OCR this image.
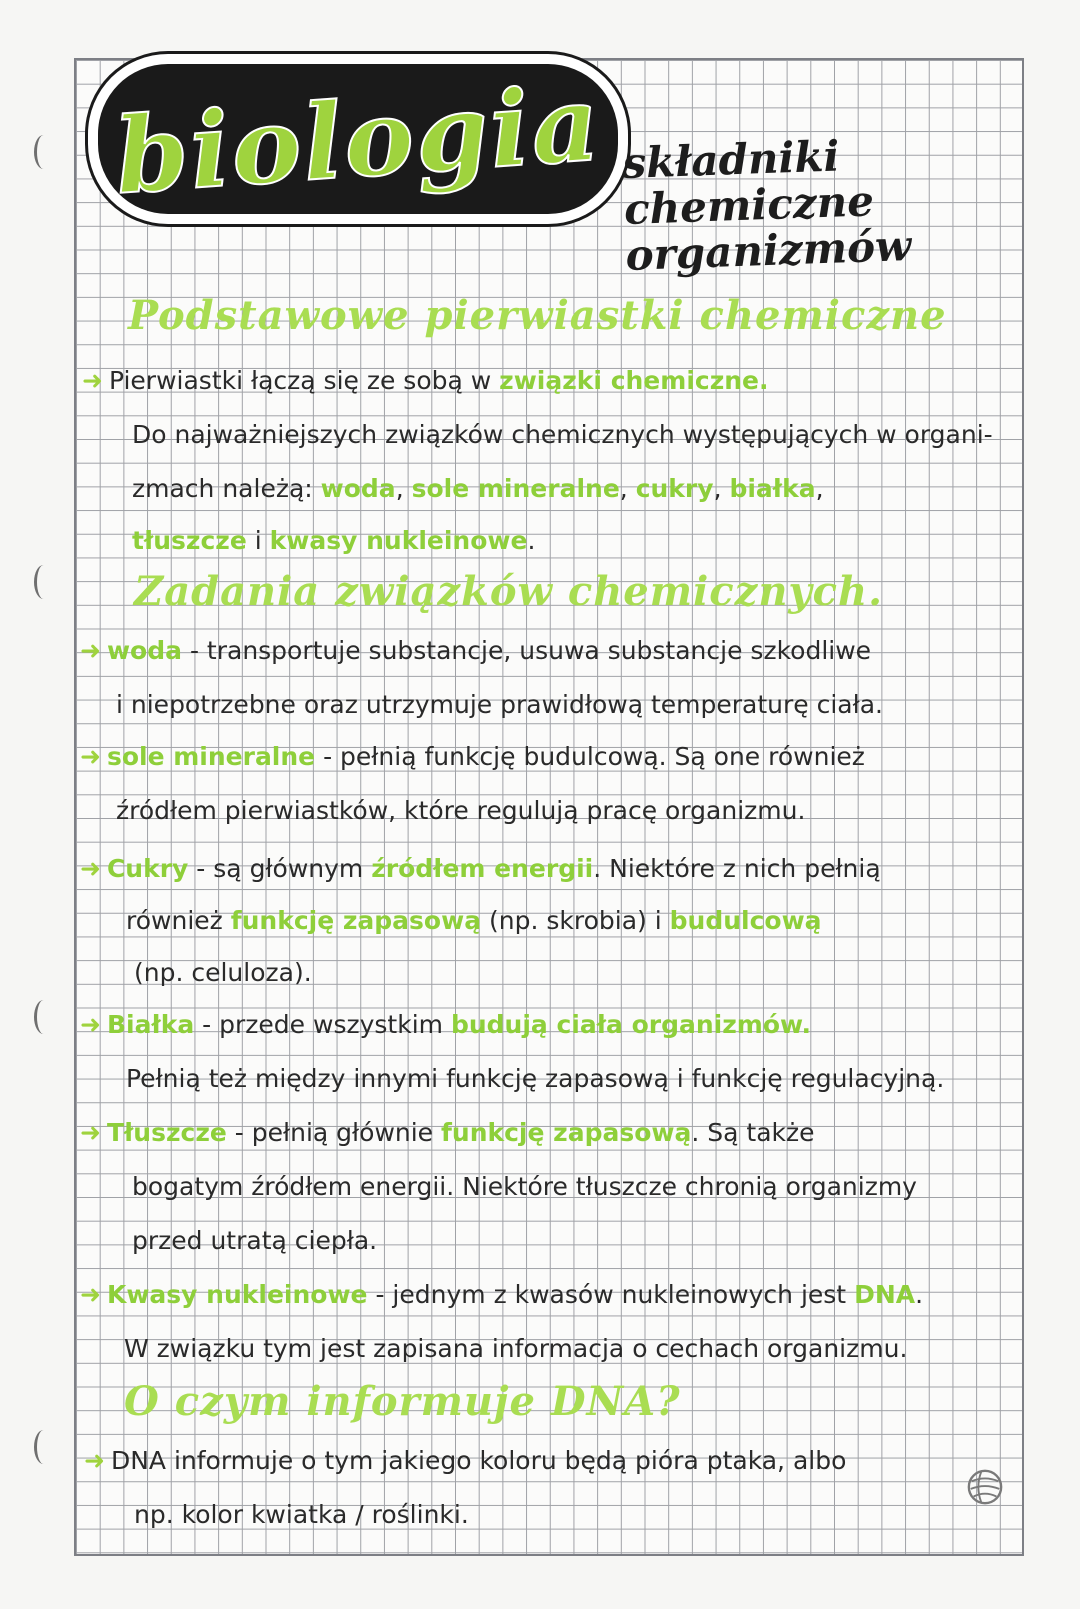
biologia składniki
chemiczne
organizmów
Podstawowe pierwiastki chemiczne
➜ Pierwiastki łączą się ze sobą w związki chemiczne.
Do najważniejszych związków chemicznych występujących w organi-
zmach należą: woda, sole mineralne, cukry, białka,
tłuszcze i kwasy nukleinowe.
Zadania związków chemicznych.
➜ woda - transportuje substancje, usuwa substancje szkodliwe
i niepotrzebne oraz utrzymuje prawidłową temperaturę ciała.
➜ sole mineralne - pełnią funkcję budulcową. Są one również
źródłem pierwiastków, które regulują pracę organizmu.
➜ Cukry - są głównym źródłem energii. Niektóre z nich pełnią
również funkcję zapasową (np. skrobia) i budulcową
(np. celuloza).
➜ Białka - przede wszystkim budują ciała organizmów.
Pełnią też między innymi funkcję zapasową i funkcję regulacyjną.
➜ Tłuszcze - pełnią głównie funkcję zapasową. Są także
bogatym źródłem energii. Niektóre tłuszcze chronią organizmy
przed utratą ciepła.
➜ Kwasy nukleinowe - jednym z kwasów nukleinowych jest DNA.
W związku tym jest zapisana informacja o cechach organizmu.
O czym informuje DNA?
➜ DNA informuje o tym jakiego koloru będą pióra ptaka, albo
np. kolor kwiatka / roślinki.
